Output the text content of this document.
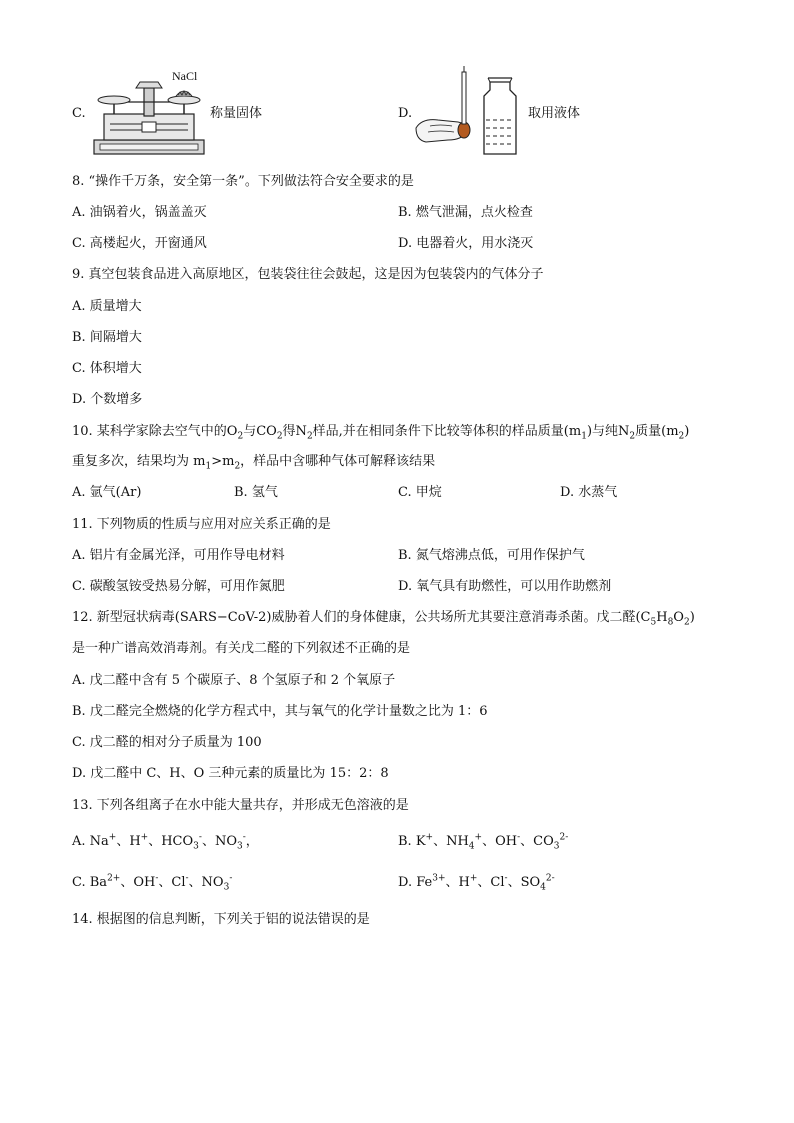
C.
NaCl
称量固体	D.	取用液体
8. “操作千万条，安全第一条”。下列做法符合安全要求的是
A. 油锅着火，锅盖盖灭	B. 燃气泄漏，点火检查
C. 高楼起火，开窗通风	D. 电器着火，用水浇灭
9. 真空包装食品进入高原地区，包装袋往往会鼓起，这是因为包装袋内的气体分子
A. 质量增大
B. 间隔增大
C. 体积增大
D. 个数增多
10. 某科学家除去空气中的$O_2$与$CO_2$得$N_2$样品,并在相同条件下比较等体积的样品质量$(m_1)$与纯$N_2$质量$(m_2)$
重复多次，结果均为 $m_1>m_2$，样品中含哪种气体可解释该结果
A. 氩气(Ar)	B. 氢气	C. 甲烷	D. 水蒸气
11. 下列物质的性质与应用对应关系正确的是
A. 铝片有金属光泽，可用作导电材料	B. 氮气熔沸点低，可用作保护气
C. 碳酸氢铵受热易分解，可用作氮肥	D. 氧气具有助燃性，可以用作助燃剂
12. 新型冠状病毒(SARS−CoV-2)威胁着人们的身体健康，公共场所尤其要注意消毒杀菌。戊二醛$(C_5H_8O_2)$
是一种广谱高效消毒剂。有关戊二醛的下列叙述不正确的是
A. 戊二醛中含有 5 个碳原子、8 个氢原子和 2 个氧原子
B. 戊二醛完全燃烧的化学方程式中，其与氧气的化学计量数之比为 1：6
C. 戊二醛的相对分子质量为 100
D. 戊二醛中 C、H、O 三种元素的质量比为 15：2：8
13. 下列各组离子在水中能大量共存，并形成无色溶液的是
A. Na+、H+、$HCO_3^-$、$NO_3^-$，	B. K+、$NH_4^+$、OH-、$CO_3^{2-}$
C. $Ba^{2+}$、OH-、Cl-、$NO_3^-$	D. $Fe^{3+}$、H+、Cl-、$SO_4^{2-}$
14. 根据图的信息判断，下列关于铝的说法错误的是
